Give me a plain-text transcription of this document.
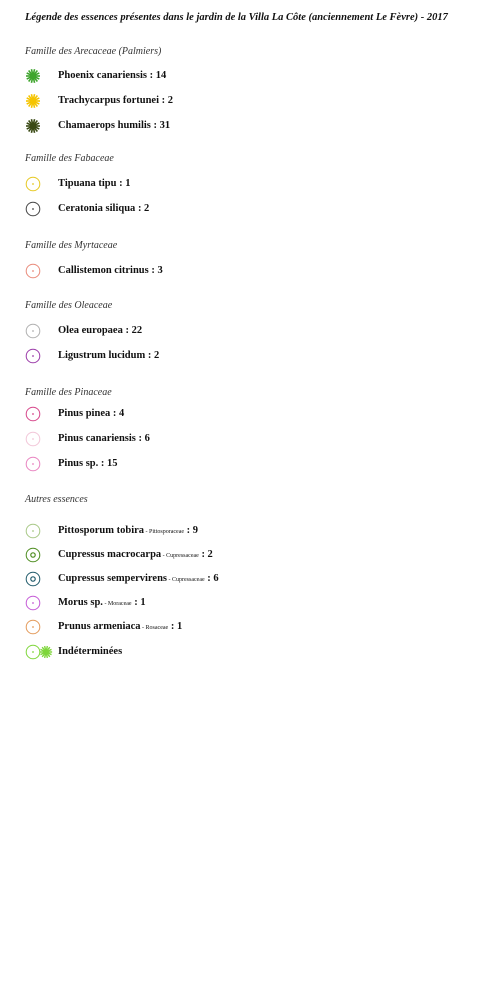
Légende des essences présentes dans le jardin de la Villa La Côte (anciennement Le Fèvre) - 2017
Famille des Arecaceae (Palmiers)
Famille des Fabaceae
Famille des Myrtaceae
Famille des Oleaceae
Famille des Pinaceae
Autres essences
Phoenix canariensis : 14
Trachycarpus fortunei : 2
Chamaerops humilis : 31
Tipuana tipu : 1
Ceratonia siliqua : 2
Callistemon citrinus : 3
Olea europaea : 22
Ligustrum lucidum : 2
Pinus pinea : 4
Pinus canariensis : 6
Pinus sp. : 15
Pittosporum tobira - Pittosporaceae : 9
Cupressus macrocarpa - Cupressaceae : 2
Cupressus sempervirens - Cupressaceae : 6
Morus sp. - Moraceae : 1
Prunus armeniaca - Rosaceae : 1
Indéterminées
